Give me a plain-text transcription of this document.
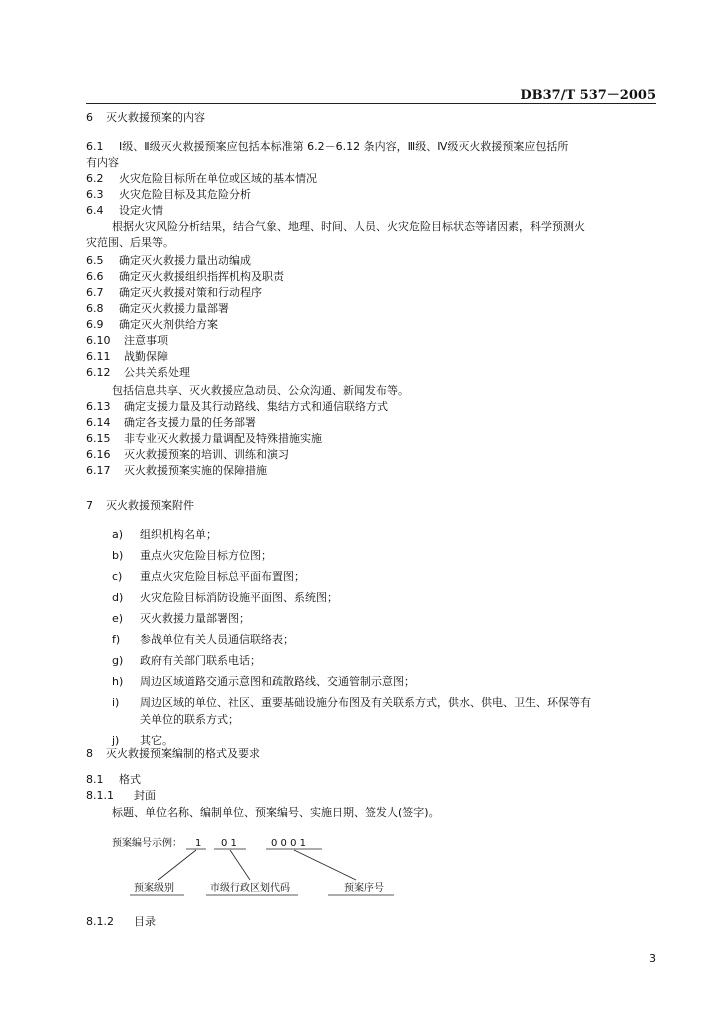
DB37/T 537－2005
6 灭火救援预案的内容
6.1 Ⅰ级、Ⅱ级灭火救援预案应包括本标准第 6.2－6.12 条内容，Ⅲ级、Ⅳ级灭火救援预案应包括所
有内容
6.2 火灾危险目标所在单位或区域的基本情况
6.3 火灾危险目标及其危险分析
6.4 设定火情
根据火灾风险分析结果，结合气象、地理、时间、人员、火灾危险目标状态等诸因素，科学预测火
灾范围、后果等。
6.5 确定灭火救援力量出动编成
6.6 确定灭火救援组织指挥机构及职责
6.7 确定灭火救援对策和行动程序
6.8 确定灭火救援力量部署
6.9 确定灭火剂供给方案
6.10 注意事项
6.11 战勤保障
6.12 公共关系处理
包括信息共享、灭火救援应急动员、公众沟通、新闻发布等。
6.13 确定支援力量及其行动路线、集结方式和通信联络方式
6.14 确定各支援力量的任务部署
6.15 非专业灭火救援力量调配及特殊措施实施
6.16 灭火救援预案的培训、训练和演习
6.17 灭火救援预案实施的保障措施
7 灭火救援预案附件
a) 组织机构名单；
b) 重点火灾危险目标方位图；
c) 重点火灾危险目标总平面布置图；
d) 火灾危险目标消防设施平面图、系统图；
e) 灭火救援力量部署图；
f) 参战单位有关人员通信联络表；
g) 政府有关部门联系电话；
h) 周边区域道路交通示意图和疏散路线、交通管制示意图；
i) 周边区域的单位、社区、重要基础设施分布图及有关联系方式，供水、供电、卫生、环保等有
关单位的联系方式；
j) 其它。
8 灭火救援预案编制的格式及要求
8.1 格式
8.1.1 封面
标题、单位名称、编制单位、预案编号、实施日期、签发人(签字)。
预案编号示例： 1 0 1	0 0 0 1
预案级别	市级行政区划代码	预案序号
8.1.2 目录
3
